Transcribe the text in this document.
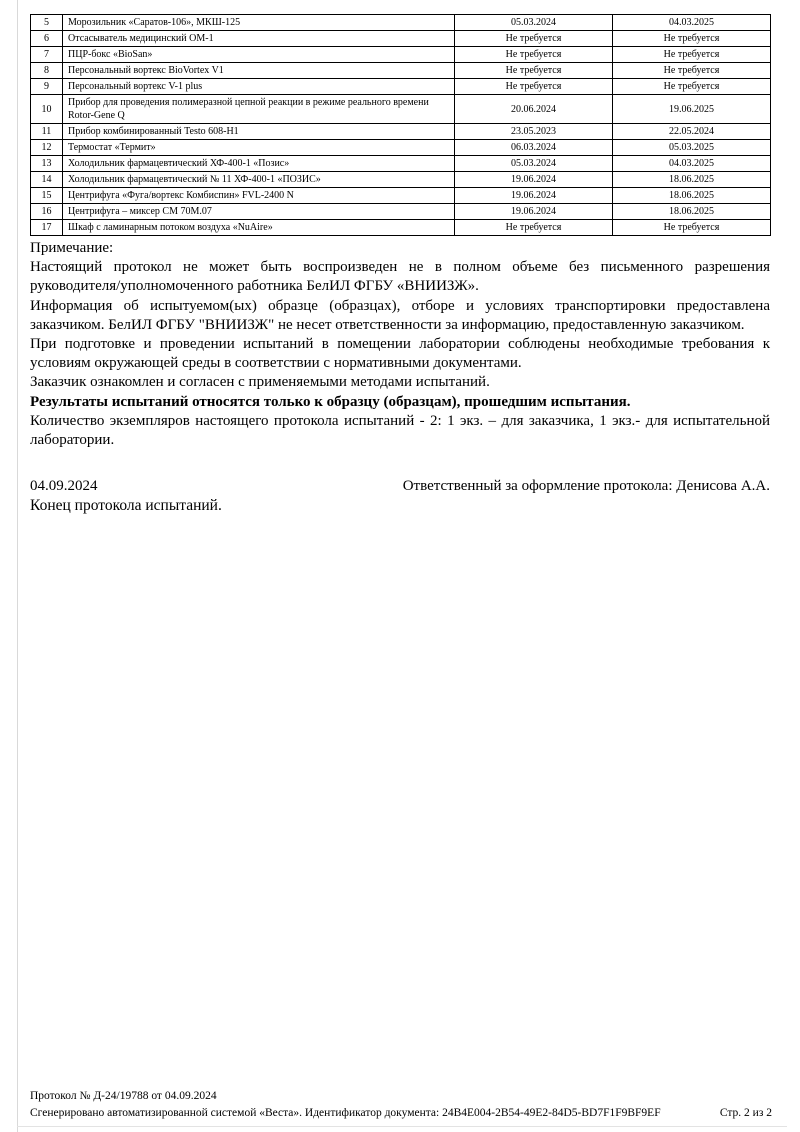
5	Морозильник «Саратов-106», МКШ-125	05.03.2024	04.03.2025
6	Отсасыватель медицинский ОМ-1	Не требуется	Не требуется
7	ПЦР-бокс «BioSan»	Не требуется	Не требуется
8	Персональный вортекс BioVortex V1	Не требуется	Не требуется
9	Персональный вортекс V-1 plus	Не требуется	Не требуется
10	Прибор для проведения полимеразной цепной реакции в режиме реального времени Rotor-Gene Q	20.06.2024	19.06.2025
11	Прибор комбинированный Testo 608-H1	23.05.2023	22.05.2024
12	Термостат «Термит»	06.03.2024	05.03.2025
13	Холодильник фармацевтический ХФ-400-1 «Позис»	05.03.2024	04.03.2025
14	Холодильник фармацевтический № 11 ХФ-400-1 «ПОЗИС»	19.06.2024	18.06.2025
15	Центрифуга «Фуга/вортекс Комбиспин» FVL-2400 N	19.06.2024	18.06.2025
16	Центрифуга – миксер СМ 70М.07	19.06.2024	18.06.2025
17	Шкаф с ламинарным потоком воздуха «NuAire»	Не требуется	Не требуется
Примечание:

Настоящий протокол не может быть воспроизведен не в полном объеме без письменного разрешения руководителя/уполномоченного работника БелИЛ ФГБУ «ВНИИЗЖ».

Информация об испытуемом(ых) образце (образцах), отборе и условиях транспортировки предоставлена заказчиком. БелИЛ ФГБУ "ВНИИЗЖ" не несет ответственности за информацию, предоставленную заказчиком.

При подготовке и проведении испытаний в помещении лаборатории соблюдены необходимые требования к условиям окружающей среды в соответствии с нормативными документами.

Заказчик ознакомлен и согласен с применяемыми методами испытаний.

Результаты испытаний относятся только к образцу (образцам), прошедшим испытания.

Количество экземпляров настоящего протокола испытаний - 2: 1 экз. – для заказчика, 1 экз.- для испытательной лаборатории.

04.09.2024	Ответственный за оформление протокола: Денисова А.А.
Конец протокола испытаний.
Протокол № Д-24/19788 от 04.09.2024
Сгенерировано автоматизированной системой «Веста». Идентификатор документа: 24B4E004-2B54-49E2-84D5-BD7F1F9BF9EF	Стр. 2 из 2
